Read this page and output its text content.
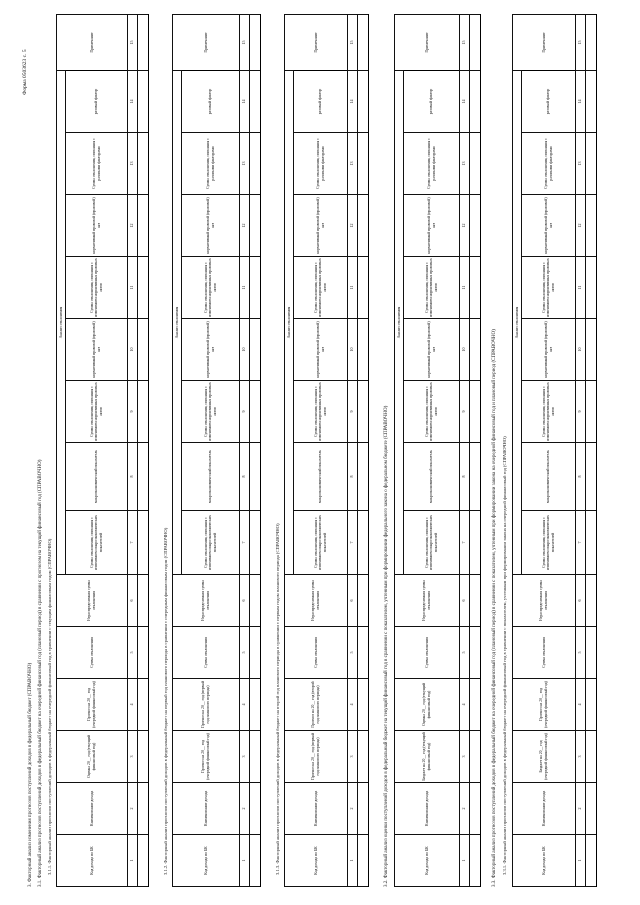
Форма 0503623 с. 5
3. Факторный анализ изменения прогнозов поступлений доходов в федеральный бюджет (СПРАВОЧНО) 3.1. Факторный анализ прогнозов поступлений доходов в федеральный бюджет на очередной финансовый год (плановый период) в сравнении с прогнозом на текущий финансовый год (СПРАВОЧНО) 3.1.1. Факторный анализ прогнозов поступлений доходов в федеральный бюджет на очередной финансовый год в сравнении с текущим финансовым годом (СПРАВОЧНО)	Код дохода по БК	Наименование дохода	Оценка 20__ год (текущий финансовый год)	Прогноз на 20__ год (очередной финансовый год)	Сумма отклонения	Нераспределенная сумма отклонения	Анализ отклонения								Примечание
						Сумма отклонения, связанная с изменением макроэкономических показателей	макроэкономический показатель	Сумма отклонения, связанная с изменением нормативных правовых актов	нормативный правовой (правовой) акт	Сумма отклонения, связанная с изменением нормативных правовых актов	нормативный правовой (правовой) акт	Сумма отклонения, связанная с разовыми факторами	разовый фактор	
1	2	3	4	5	6	7	8	9	10	11	12	13	14	15

3.1.2. Факторный анализ прогнозов поступлений доходов в федеральный бюджет на первый год планового периода в сравнении с очередным финансовым годом (СПРАВОЧНО)	Код дохода по БК	Наименование дохода	Прогноз на 20__ год (очередной финансовый год)	Прогноз на 20__ год (первый год планового периода)	Сумма отклонения	Нераспределенная сумма отклонения	Анализ отклонения								Примечание
						Сумма отклонения, связанная с изменением макроэкономических показателей	макроэкономический показатель	Сумма отклонения, связанная с изменением нормативных правовых актов	нормативный правовой (правовой) акт	Сумма отклонения, связанная с изменением нормативных правовых актов	нормативный правовой (правовой) акт	Сумма отклонения, связанная с разовыми факторами	разовый фактор	
1	2	3	4	5	6	7	8	9	10	11	12	13	14	15

3.1.3. Факторный анализ прогнозов поступлений доходов в федеральный бюджет на второй год планового периода в сравнении с первым годом планового периода (СПРАВОЧНО)	Код дохода по БК	Наименование дохода	Прогноз на 20__ год (первый год планового периода)	Прогноз на 20__ год (второй год планового периода)	Сумма отклонения	Нераспределенная сумма отклонения	Анализ отклонения								Примечание
						Сумма отклонения, связанная с изменением макроэкономических показателей	макроэкономический показатель	Сумма отклонения, связанная с изменением нормативных правовых актов	нормативный правовой (правовой) акт	Сумма отклонения, связанная с изменением нормативных правовых актов	нормативный правовой (правовой) акт	Сумма отклонения, связанная с разовыми факторами	разовый фактор	
1	2	3	4	5	6	7	8	9	10	11	12	13	14	15

3.2. Факторный анализ оценки поступлений доходов в федеральный бюджет на текущий финансовый год в сравнении с показателем, учтенным при формировании федерального закона о федеральном бюджете (СПРАВОЧНО)	Код дохода по БК	Наименование дохода	Бюджет на 20__ год (текущий финансовый год)	Оценка 20__ год (текущий финансовый год)	Сумма отклонения	Нераспределенная сумма отклонения	Анализ отклонения								Примечание
						Сумма отклонения, связанная с изменением макроэкономических показателей	макроэкономический показатель	Сумма отклонения, связанная с изменением нормативных правовых актов	нормативный правовой (правовой) акт	Сумма отклонения, связанная с изменением нормативных правовых актов	нормативный правовой (правовой) акт	Сумма отклонения, связанная с разовыми факторами	разовый фактор	
1	2	3	4	5	6	7	8	9	10	11	12	13	14	15

3.3. Факторный анализ прогнозов поступлений доходов в федеральный бюджет на очередной финансовый год (плановый период) в сравнении с показателем, учтенным при формировании закона на очередной финансовый год и плановый период (СПРАВОЧНО) 3.3.1. Факторный анализ прогнозов поступлений доходов в федеральный бюджет на очередной финансовый год в сравнении с показателем, учтенным при формировании закона на очередной финансовый год (СПРАВОЧНО)	Код дохода по БК	Наименование дохода	Бюджет на 20__ год (очередной финансовый год)	Прогноз на 20__ год (очередной финансовый год)	Сумма отклонения	Нераспределенная сумма отклонения	Анализ отклонения								Примечание
						Сумма отклонения, связанная с изменением макроэкономических показателей	макроэкономический показатель	Сумма отклонения, связанная с изменением нормативных правовых актов	нормативный правовой (правовой) акт	Сумма отклонения, связанная с изменением нормативных правовых актов	нормативный правовой (правовой) акт	Сумма отклонения, связанная с разовыми факторами	разовый фактор	
1	2	3	4	5	6	7	8	9	10	11	12	13	14	15
